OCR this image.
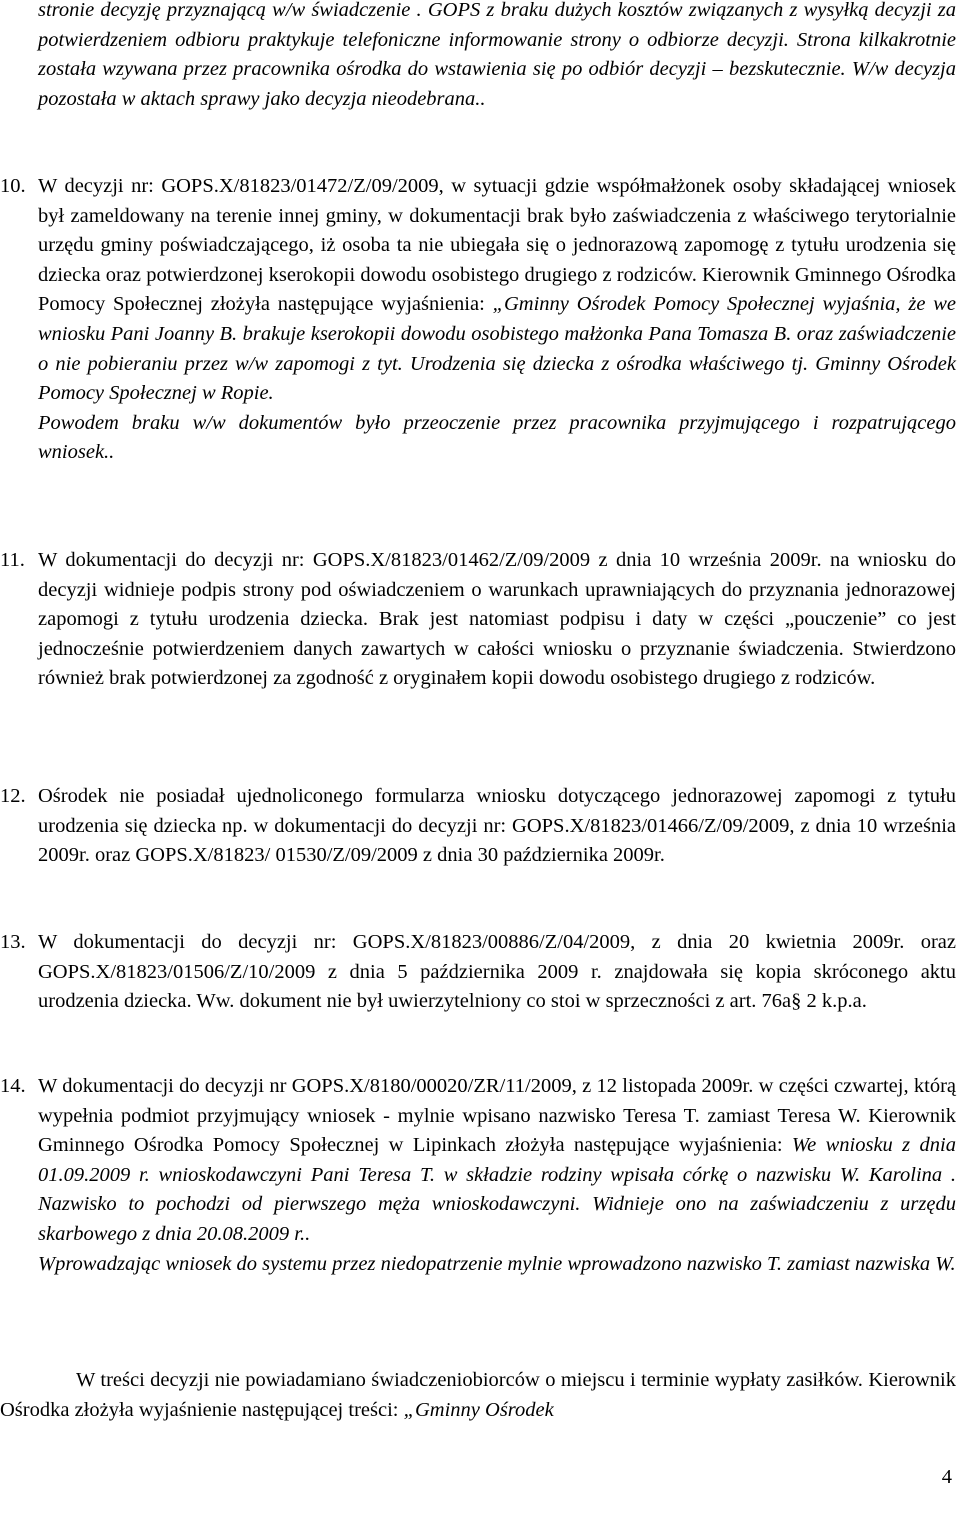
stronie decyzję przyznającą w/w świadczenie . GOPS z braku dużych kosztów związanych z wysyłką decyzji za potwierdzeniem odbioru praktykuje telefoniczne informowanie strony o odbiorze decyzji. Strona kilkakrotnie została wzywana przez pracownika ośrodka do wstawienia się po odbiór decyzji – bezskutecznie. W/w decyzja pozostała w aktach sprawy jako decyzja nieodebrana..

10. W decyzji nr: GOPS.X/81823/01472/Z/09/2009, w sytuacji gdzie współmałżonek osoby składającej wniosek był zameldowany na terenie innej gminy, w dokumentacji brak było zaświadczenia z właściwego terytorialnie urzędu gminy poświadczającego, iż osoba ta nie ubiegała się o jednorazową zapomogę z tytułu urodzenia się dziecka oraz potwierdzonej kserokopii dowodu osobistego drugiego z rodziców. Kierownik Gminnego Ośrodka Pomocy Społecznej złożyła następujące wyjaśnienia: „Gminny Ośrodek Pomocy Społecznej wyjaśnia, że we wniosku Pani Joanny B. brakuje kserokopii dowodu osobistego małżonka Pana Tomasza B. oraz zaświadczenie o nie pobieraniu przez w/w zapomogi z tyt. Urodzenia się dziecka z ośrodka właściwego tj. Gminny Ośrodek Pomocy Społecznej w Ropie.
Powodem braku w/w dokumentów było przeoczenie przez pracownika przyjmującego i rozpatrującego wniosek..
11. W dokumentacji do decyzji nr: GOPS.X/81823/01462/Z/09/2009 z dnia 10 września 2009r. na wniosku do decyzji widnieje podpis strony pod oświadczeniem o warunkach uprawniających do przyznania jednorazowej zapomogi z tytułu urodzenia dziecka. Brak jest natomiast podpisu i daty w części „pouczenie” co jest jednocześnie potwierdzeniem danych zawartych w całości wniosku o przyznanie świadczenia. Stwierdzono również brak potwierdzonej za zgodność z oryginałem kopii dowodu osobistego drugiego z rodziców.
12. Ośrodek nie posiadał ujednoliconego formularza wniosku dotyczącego jednorazowej zapomogi z tytułu urodzenia się dziecka np. w dokumentacji do decyzji nr: GOPS.X/81823/01466/Z/09/2009, z dnia 10 września 2009r. oraz GOPS.X/81823/ 01530/Z/09/2009 z dnia 30 października 2009r.
13. W dokumentacji do decyzji nr: GOPS.X/81823/00886/Z/04/2009, z dnia 20 kwietnia 2009r. oraz GOPS.X/81823/01506/Z/10/2009 z dnia 5 października 2009 r. znajdowała się kopia skróconego aktu urodzenia dziecka. Ww. dokument nie był uwierzytelniony co stoi w sprzeczności z art. 76a§ 2 k.p.a.
14. W dokumentacji do decyzji nr GOPS.X/8180/00020/ZR/11/2009, z 12 listopada 2009r. w części czwartej, którą wypełnia podmiot przyjmujący wniosek - mylnie wpisano nazwisko Teresa T. zamiast Teresa W. Kierownik Gminnego Ośrodka Pomocy Społecznej w Lipinkach złożyła następujące wyjaśnienia: We wniosku z dnia 01.09.2009 r. wnioskodawczyni Pani Teresa T. w składzie rodziny wpisała córkę o nazwisku W. Karolina . Nazwisko to pochodzi od pierwszego męża wnioskodawczyni. Widnieje ono na zaświadczeniu z urzędu skarbowego z dnia 20.08.2009 r..
Wprowadzając wniosek do systemu przez niedopatrzenie mylnie wprowadzono nazwisko T. zamiast nazwiska W.

W treści decyzji nie powiadamiano świadczeniobiorców o miejscu i terminie wypłaty zasiłków. Kierownik Ośrodka złożyła wyjaśnienie następującej treści: „Gminny Ośrodek

4
